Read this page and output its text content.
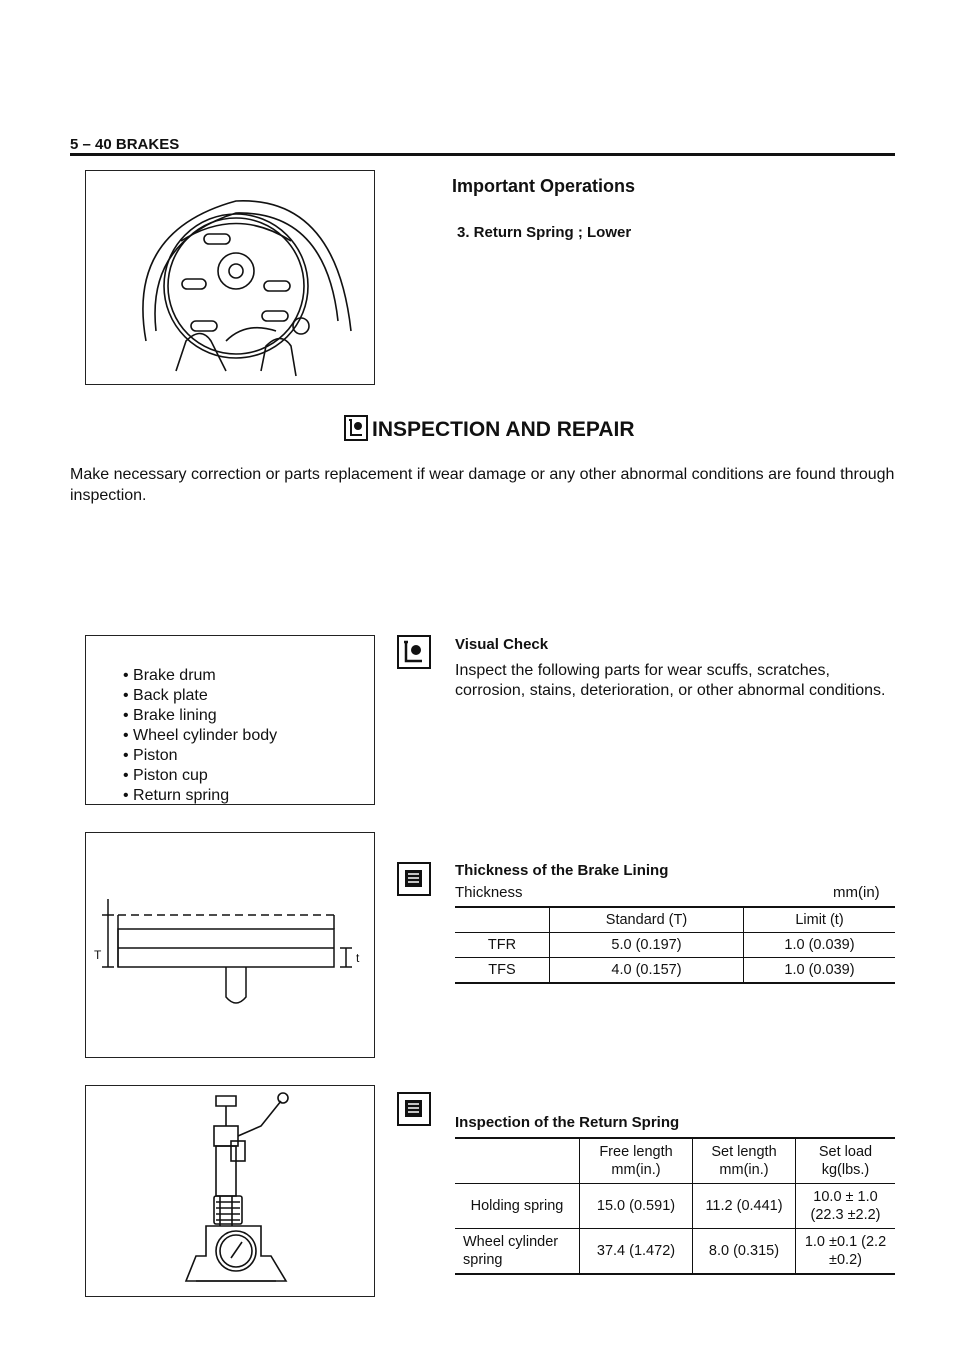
5 – 40 BRAKES
Important Operations
3. Return Spring ; Lower
INSPECTION AND REPAIR
Make necessary correction or parts replacement if wear damage or any other abnormal conditions are found through inspection.
• Brake drum
• Back plate
• Brake lining
• Wheel cylinder body
• Piston
• Piston cup
• Return spring
Visual Check
Inspect the following parts for wear scuffs, scratches, corrosion, stains, deterioration, or other abnormal conditions.
T	t
Thickness of the Brake Lining
Thickness	mm(in)
	Standard (T)	Limit (t)
TFR	5.0 (0.197)	1.0 (0.039)
TFS	4.0 (0.157)	1.0 (0.039)
Inspection of the Return Spring
	Free length mm(in.)	Set length mm(in.)	Set load kg(lbs.)
Holding spring	15.0 (0.591)	11.2 (0.441)	10.0 ± 1.0 (22.3 ±2.2)
Wheel cylinder spring	37.4 (1.472)	8.0 (0.315)	1.0 ±0.1 (2.2 ±0.2)
